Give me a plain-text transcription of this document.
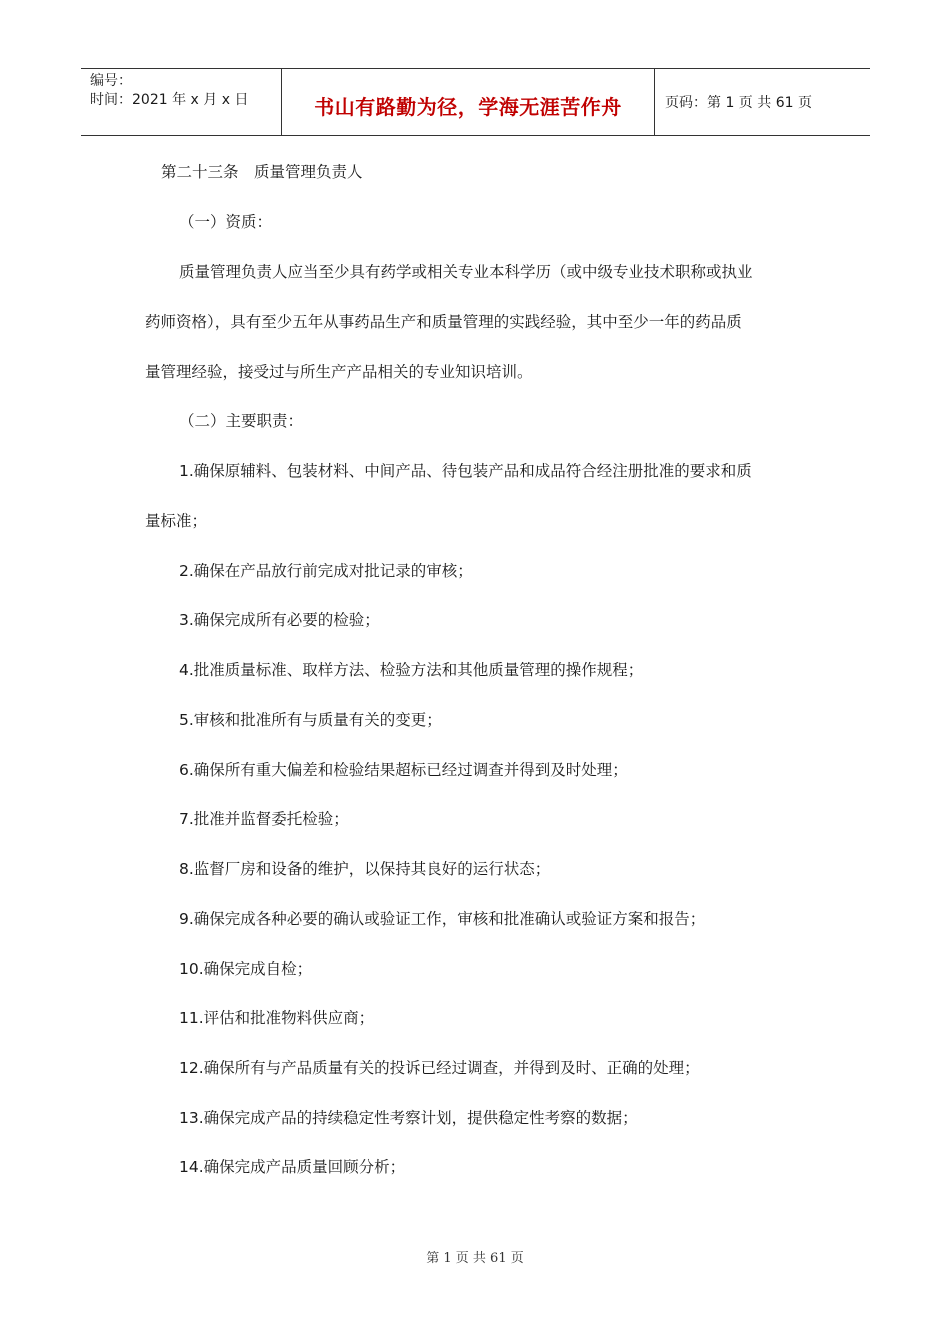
编号：
时间：2021 年 x 月 x 日	书山有路勤为径，学海无涯苦作舟	页码：第 1 页 共 61 页
第二十三条　质量管理负责人
（一）资质：
质量管理负责人应当至少具有药学或相关专业本科学历（或中级专业技术职称或执业
药师资格），具有至少五年从事药品生产和质量管理的实践经验，其中至少一年的药品质
量管理经验，接受过与所生产产品相关的专业知识培训。
（二）主要职责：
1.确保原辅料、包装材料、中间产品、待包装产品和成品符合经注册批准的要求和质
量标准；
2.确保在产品放行前完成对批记录的审核；
3.确保完成所有必要的检验；
4.批准质量标准、取样方法、检验方法和其他质量管理的操作规程；
5.审核和批准所有与质量有关的变更；
6.确保所有重大偏差和检验结果超标已经过调查并得到及时处理；
7.批准并监督委托检验；
8.监督厂房和设备的维护，以保持其良好的运行状态；
9.确保完成各种必要的确认或验证工作，审核和批准确认或验证方案和报告；
10.确保完成自检；
11.评估和批准物料供应商；
12.确保所有与产品质量有关的投诉已经过调查，并得到及时、正确的处理；
13.确保完成产品的持续稳定性考察计划，提供稳定性考察的数据；
14.确保完成产品质量回顾分析；
第 1 页 共 61 页
